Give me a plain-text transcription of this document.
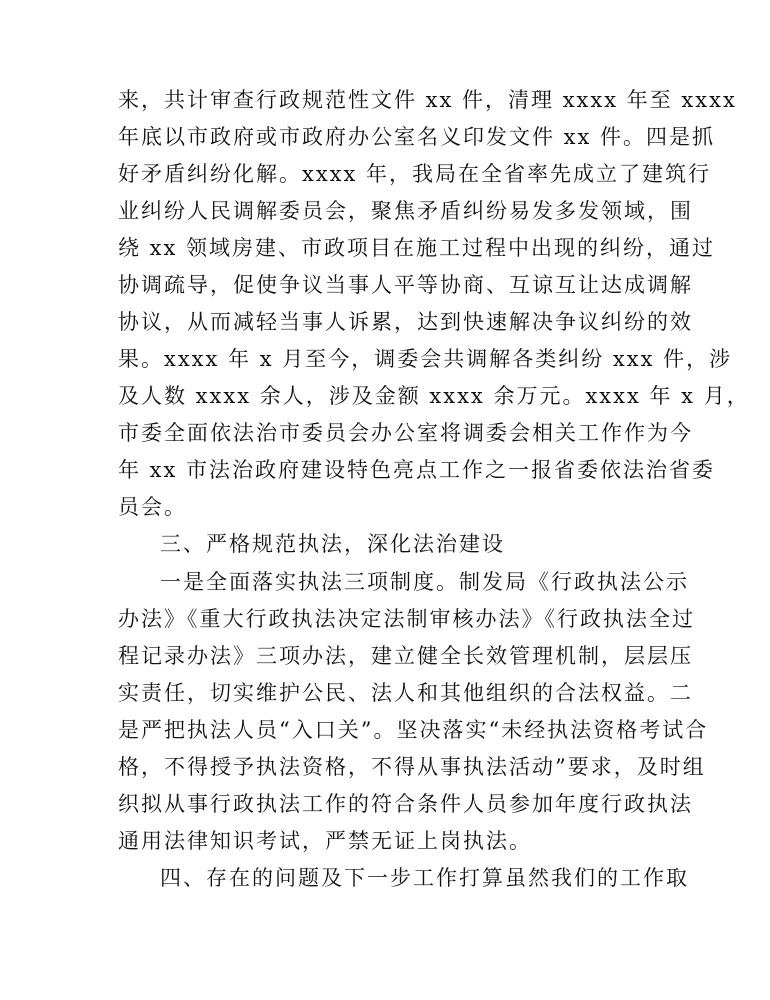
来，共计审查行政规范性文件 xx 件，清理 xxxx 年至 xxxx
年底以市政府或市政府办公室名义印发文件 xx 件。四是抓
好矛盾纠纷化解。xxxx 年，我局在全省率先成立了建筑行
业纠纷人民调解委员会，聚焦矛盾纠纷易发多发领域，围
绕 xx 领域房建、市政项目在施工过程中出现的纠纷，通过
协调疏导，促使争议当事人平等协商、互谅互让达成调解
协议，从而减轻当事人诉累，达到快速解决争议纠纷的效
果。xxxx 年 x 月至今，调委会共调解各类纠纷 xxx 件，涉
及人数 xxxx 余人，涉及金额 xxxx 余万元。xxxx 年 x 月，
市委全面依法治市委员会办公室将调委会相关工作作为今
年 xx 市法治政府建设特色亮点工作之一报省委依法治省委
员会。
三、严格规范执法，深化法治建设
一是全面落实执法三项制度。制发局《行政执法公示
办法》《重大行政执法决定法制审核办法》《行政执法全过
程记录办法》三项办法，建立健全长效管理机制，层层压
实责任，切实维护公民、法人和其他组织的合法权益。二
是严把执法人员“入口关”。坚决落实“未经执法资格考试合
格，不得授予执法资格，不得从事执法活动”要求，及时组
织拟从事行政执法工作的符合条件人员参加年度行政执法
通用法律知识考试，严禁无证上岗执法。
四、存在的问题及下一步工作打算虽然我们的工作取
